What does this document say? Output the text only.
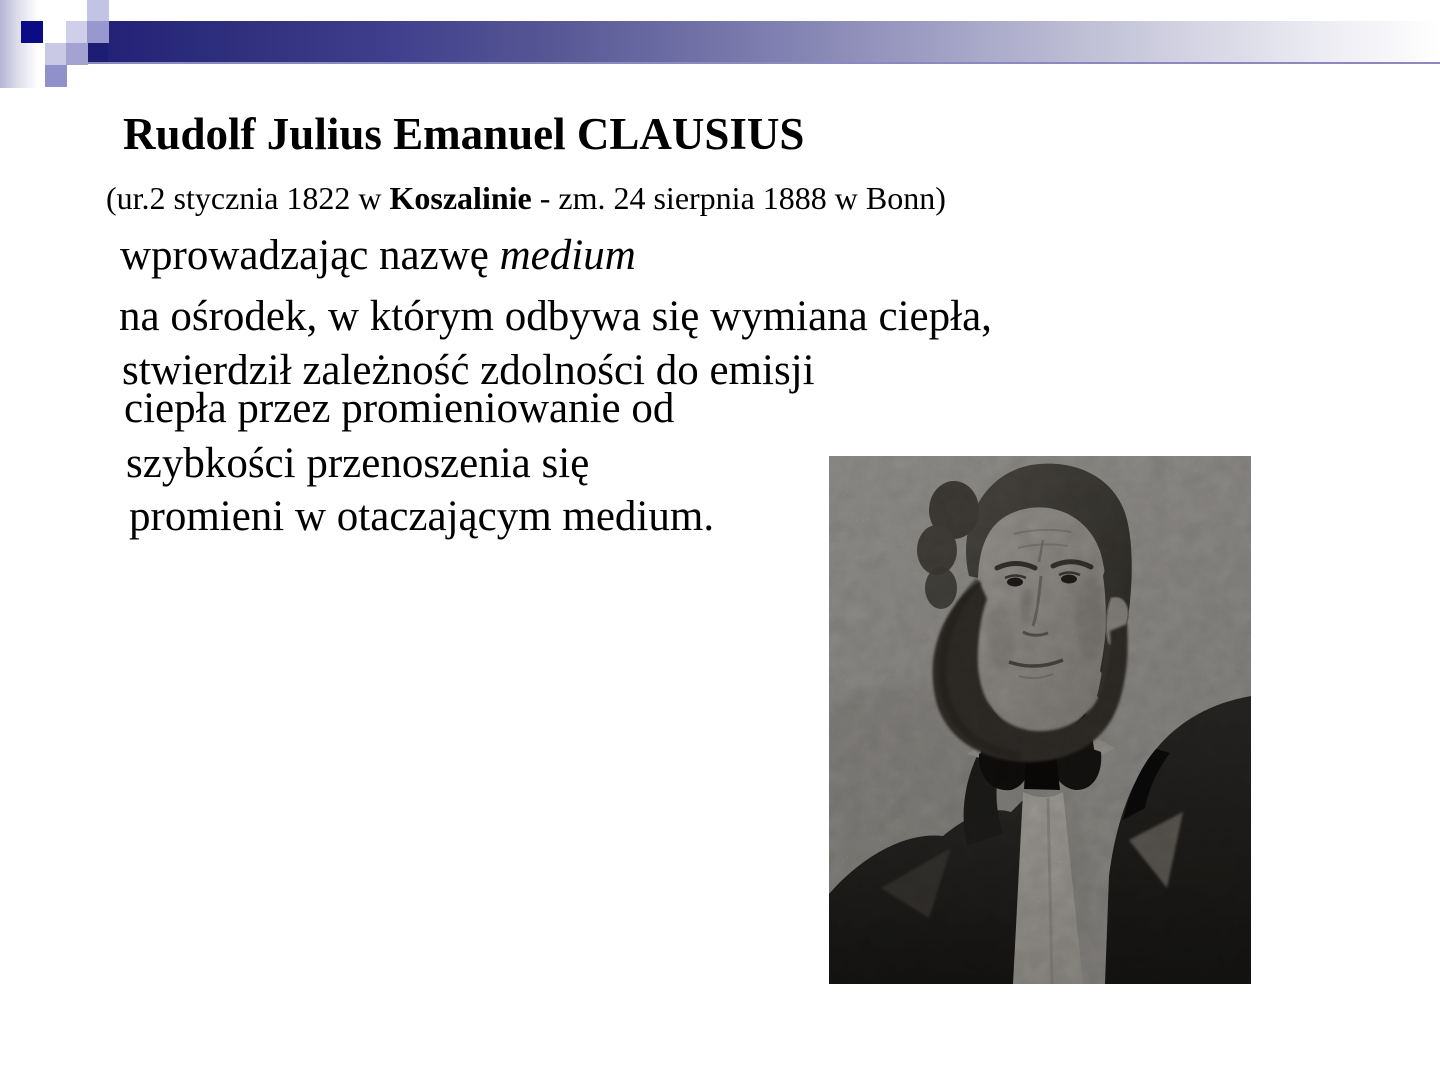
Rudolf Julius Emanuel CLAUSIUS
(ur.2 stycznia 1822 w Koszalinie - zm. 24 sierpnia 1888 w Bonn)
wprowadzając nazwę medium
na ośrodek, w którym odbywa się wymiana ciepła,
stwierdził zależność zdolności do emisji
ciepła przez promieniowanie od
szybkości przenoszenia się
promieni w otaczającym medium.
